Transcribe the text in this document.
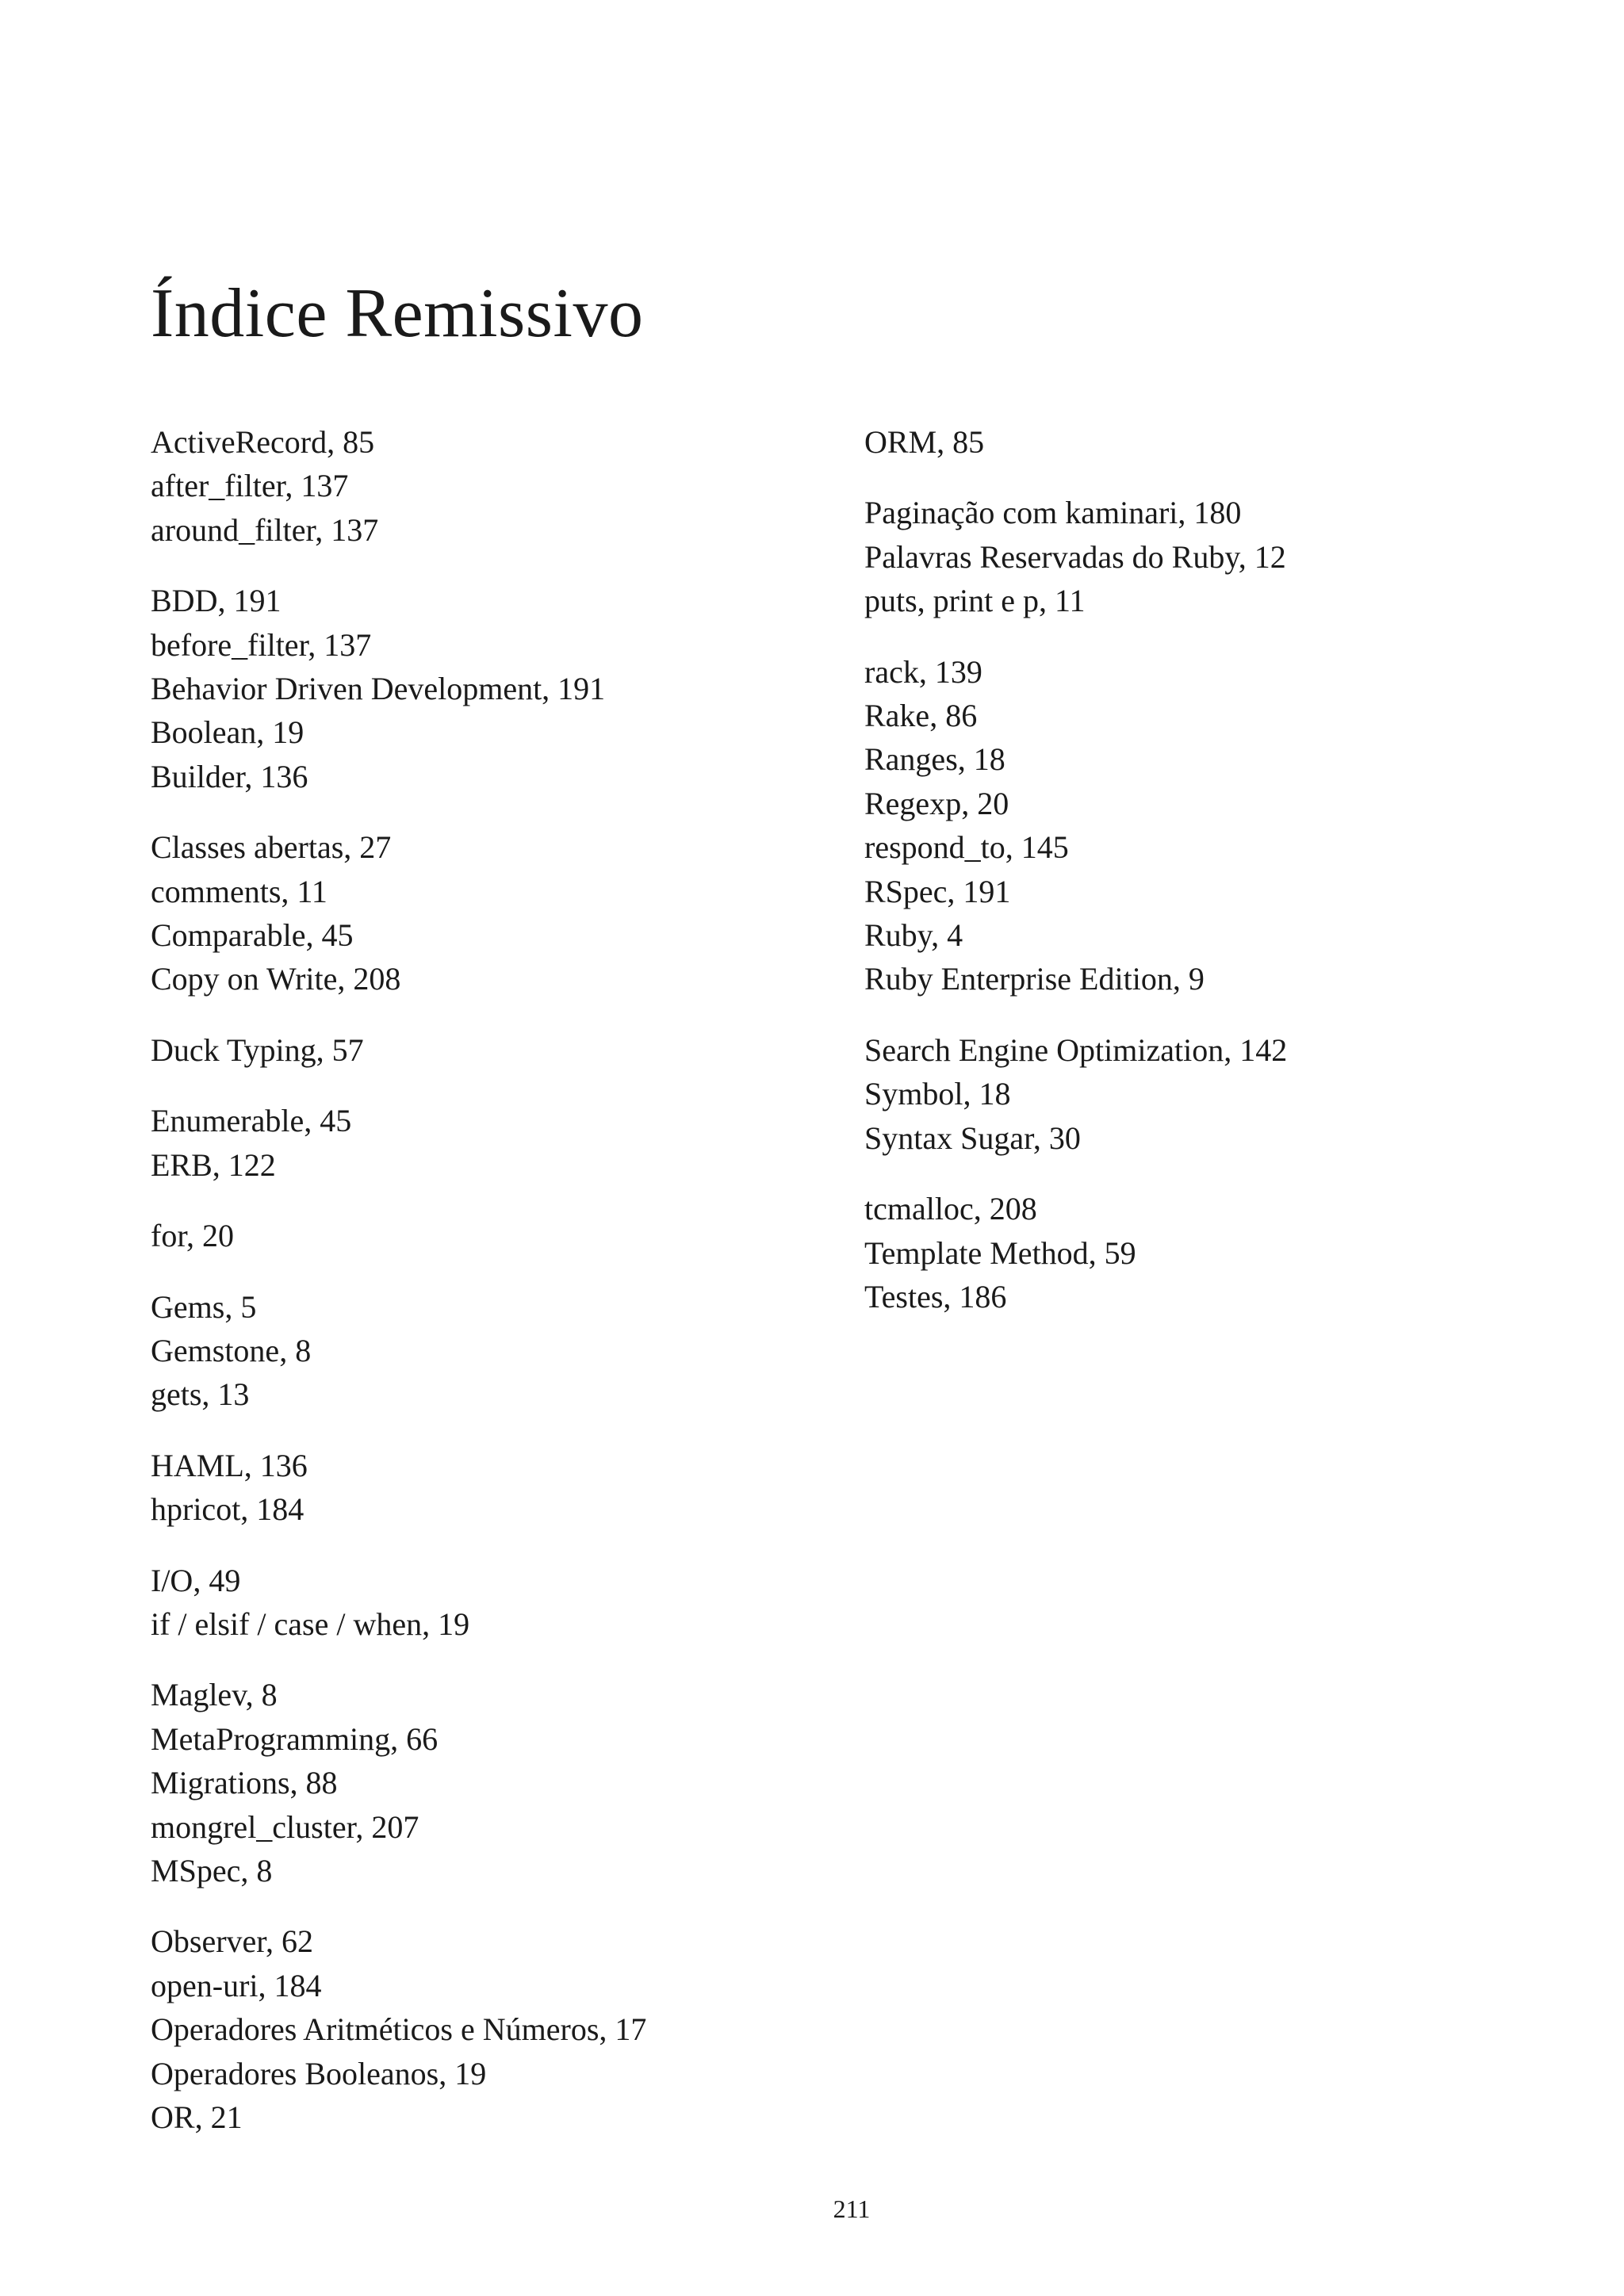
Índice Remissivo
ActiveRecord, 85
after_filter, 137
around_filter, 137
BDD, 191
before_filter, 137
Behavior Driven Development, 191
Boolean, 19
Builder, 136
Classes abertas, 27
comments, 11
Comparable, 45
Copy on Write, 208
Duck Typing, 57
Enumerable, 45
ERB, 122
for, 20
Gems, 5
Gemstone, 8
gets, 13
HAML, 136
hpricot, 184
I/O, 49
if / elsif / case / when, 19
Maglev, 8
MetaProgramming, 66
Migrations, 88
mongrel_cluster, 207
MSpec, 8
Observer, 62
open-uri, 184
Operadores Aritméticos e Números, 17
Operadores Booleanos, 19
OR, 21
ORM, 85
Paginação com kaminari, 180
Palavras Reservadas do Ruby, 12
puts, print e p, 11
rack, 139
Rake, 86
Ranges, 18
Regexp, 20
respond_to, 145
RSpec, 191
Ruby, 4
Ruby Enterprise Edition, 9
Search Engine Optimization, 142
Symbol, 18
Syntax Sugar, 30
tcmalloc, 208
Template Method, 59
Testes, 186
211
